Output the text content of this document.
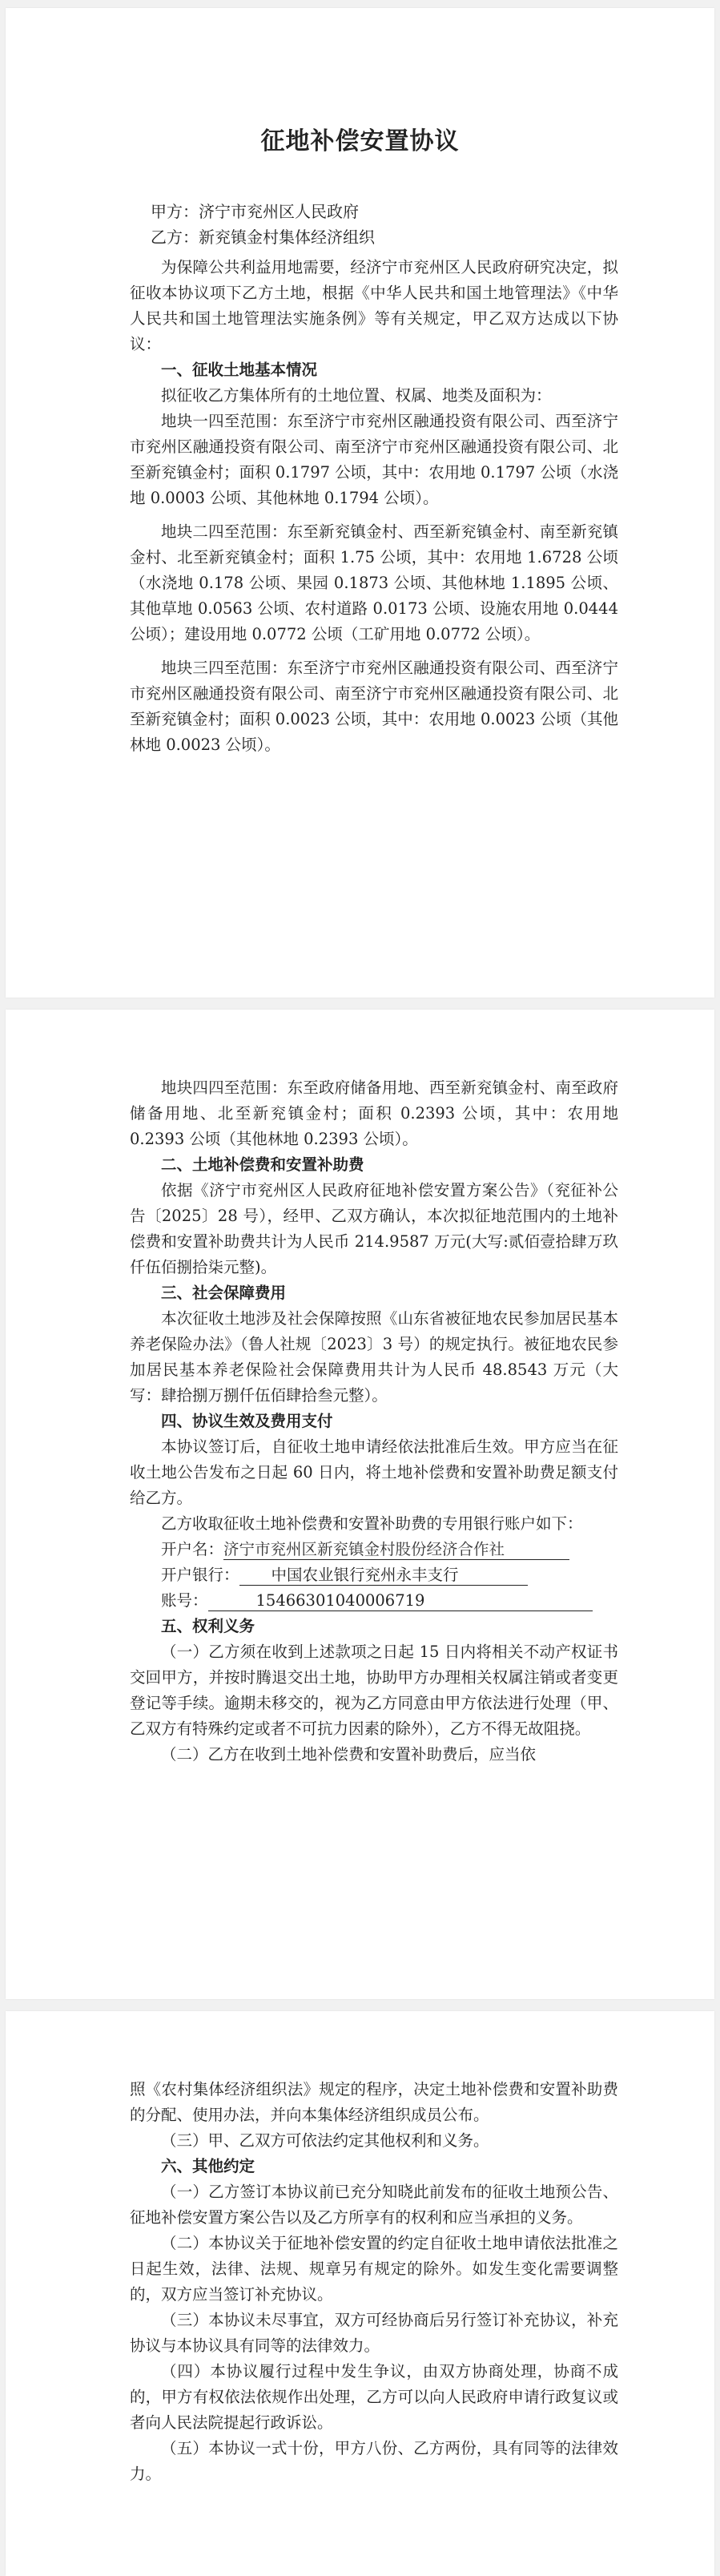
征地补偿安置协议
甲方：济宁市兖州区人民政府
乙方：新兖镇金村集体经济组织

为保障公共利益用地需要，经济宁市兖州区人民政府研究决定，拟征收本协议项下乙方土地，根据《中华人民共和国土地管理法》《中华人民共和国土地管理法实施条例》等有关规定，甲乙双方达成以下协议：

一、征收土地基本情况

拟征收乙方集体所有的土地位置、权属、地类及面积为：

地块一四至范围：东至济宁市兖州区融通投资有限公司、西至济宁市兖州区融通投资有限公司、南至济宁市兖州区融通投资有限公司、北至新兖镇金村；面积 0.1797 公顷，其中：农用地 0.1797 公顷（水浇地 0.0003 公顷、其他林地 0.1794 公顷）。

地块二四至范围：东至新兖镇金村、西至新兖镇金村、南至新兖镇金村、北至新兖镇金村；面积 1.75 公顷，其中：农用地 1.6728 公顷（水浇地 0.178 公顷、果园 0.1873 公顷、其他林地 1.1895 公顷、其他草地 0.0563 公顷、农村道路 0.0173 公顷、设施农用地 0.0444 公顷）；建设用地 0.0772 公顷（工矿用地 0.0772 公顷）。

地块三四至范围：东至济宁市兖州区融通投资有限公司、西至济宁市兖州区融通投资有限公司、南至济宁市兖州区融通投资有限公司、北至新兖镇金村；面积 0.0023 公顷，其中：农用地 0.0023 公顷（其他林地 0.0023 公顷）。

地块四四至范围：东至政府储备用地、西至新兖镇金村、南至政府储备用地、北至新兖镇金村；面积 0.2393 公顷，其中：农用地 0.2393 公顷（其他林地 0.2393 公顷）。

二、土地补偿费和安置补助费

依据《济宁市兖州区人民政府征地补偿安置方案公告》（兖征补公告〔2025〕28 号），经甲、乙双方确认，本次拟征地范围内的土地补偿费和安置补助费共计为人民币 214.9587 万元(大写:贰佰壹拾肆万玖仟伍佰捌拾柒元整)。

三、社会保障费用

本次征收土地涉及社会保障按照《山东省被征地农民参加居民基本养老保险办法》（鲁人社规〔2023〕3 号）的规定执行。被征地农民参加居民基本养老保险社会保障费用共计为人民币 48.8543 万元（大写：肆拾捌万捌仟伍佰肆拾叁元整）。

四、协议生效及费用支付

本协议签订后，自征收土地申请经依法批准后生效。甲方应当在征收土地公告发布之日起 60 日内，将土地补偿费和安置补助费足额支付给乙方。

乙方收取征收土地补偿费和安置补助费的专用银行账户如下：

开户名：济宁市兖州区新兖镇金村股份经济合作社
开户银行： 中国农业银行兖州永丰支行
账号：	15466301040006719
五、权利义务

（一）乙方须在收到上述款项之日起 15 日内将相关不动产权证书交回甲方，并按时腾退交出土地，协助甲方办理相关权属注销或者变更登记等手续。逾期未移交的，视为乙方同意由甲方依法进行处理（甲、乙双方有特殊约定或者不可抗力因素的除外），乙方不得无故阻挠。

（二）乙方在收到土地补偿费和安置补助费后，应当依

照《农村集体经济组织法》规定的程序，决定土地补偿费和安置补助费的分配、使用办法，并向本集体经济组织成员公布。

（三）甲、乙双方可依法约定其他权利和义务。

六、其他约定

（一）乙方签订本协议前已充分知晓此前发布的征收土地预公告、征地补偿安置方案公告以及乙方所享有的权利和应当承担的义务。

（二）本协议关于征地补偿安置的约定自征收土地申请依法批准之日起生效，法律、法规、规章另有规定的除外。如发生变化需要调整的，双方应当签订补充协议。

（三）本协议未尽事宜，双方可经协商后另行签订补充协议，补充协议与本协议具有同等的法律效力。

（四）本协议履行过程中发生争议，由双方协商处理，协商不成的，甲方有权依法依规作出处理，乙方可以向人民政府申请行政复议或者向人民法院提起行政诉讼。

（五）本协议一式十份，甲方八份、乙方两份，具有同等的法律效力。
